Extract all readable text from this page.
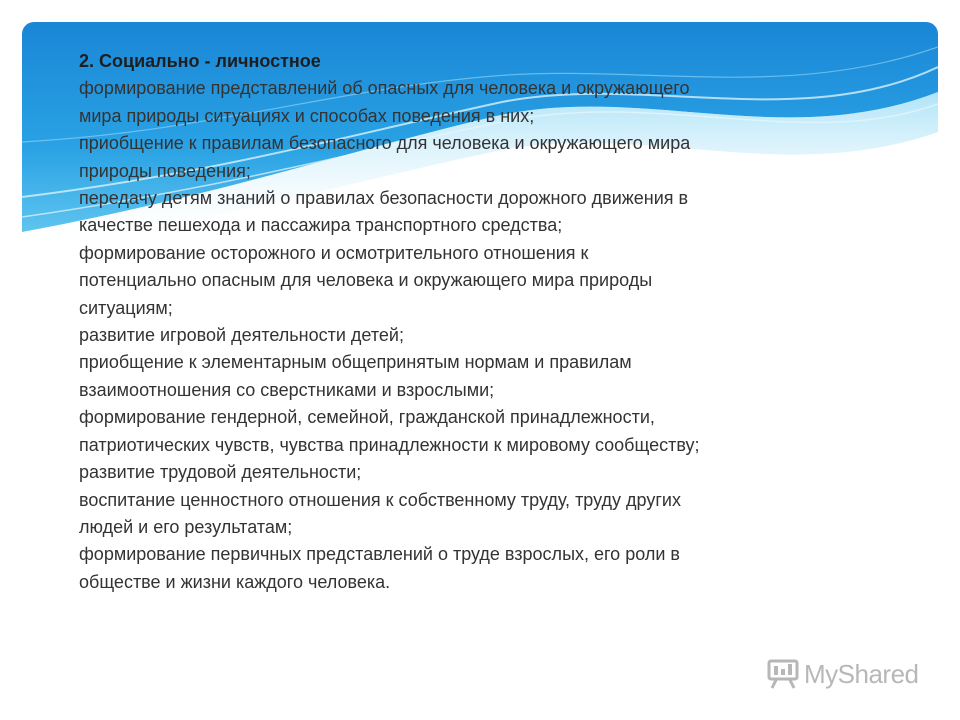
2. Социально - личностное
формирование представлений об опасных для человека и окружающего
мира природы ситуациях и способах поведения в них;
приобщение к правилам безопасного для человека и окружающего мира
природы поведения;
передачу детям знаний о правилах безопасности дорожного движения в
качестве пешехода и пассажира транспортного средства;
формирование осторожного и осмотрительного отношения к
потенциально опасным для человека и окружающего мира природы
ситуациям;
развитие игровой деятельности детей;
приобщение к элементарным общепринятым нормам и правилам
взаимоотношения со сверстниками и взрослыми;
формирование гендерной, семейной, гражданской принадлежности,
патриотических чувств, чувства принадлежности к мировому сообществу;
развитие трудовой деятельности;
воспитание ценностного отношения к собственному труду, труду других
людей и его результатам;
формирование первичных представлений о труде взрослых, его роли в
обществе и жизни каждого человека.
MyShared
